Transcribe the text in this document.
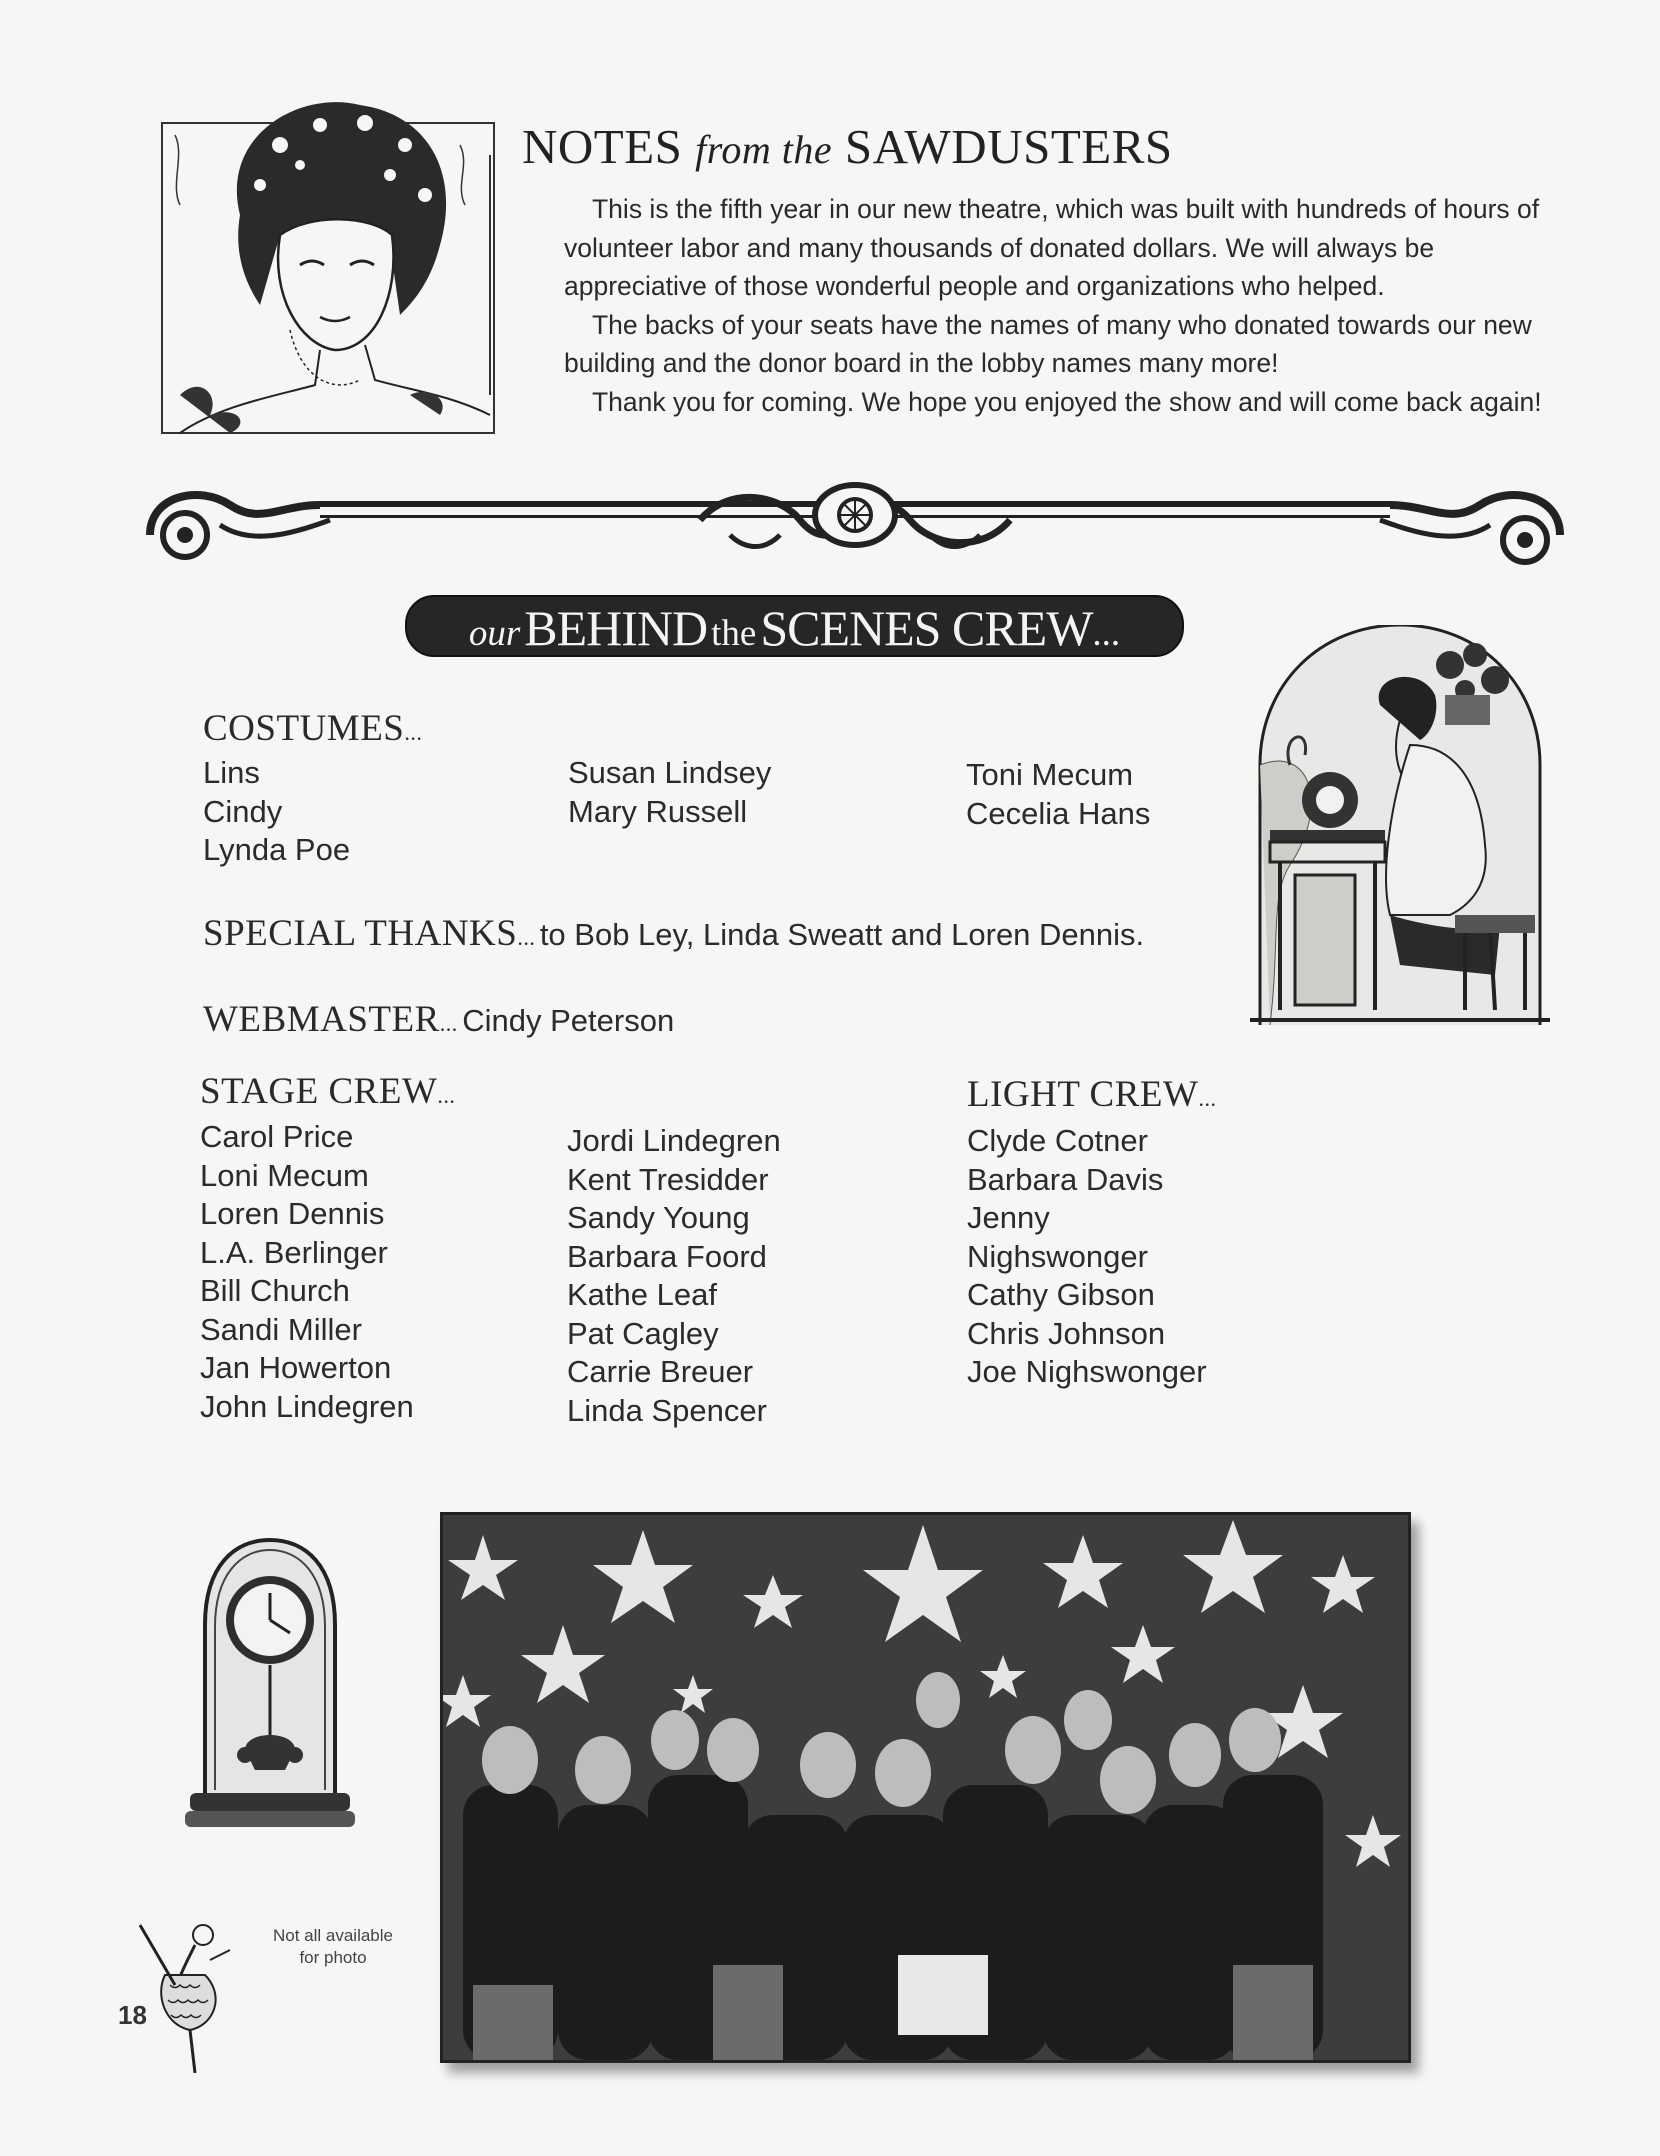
NOTES from the SAWDUSTERS

This is the fifth year in our new theatre, which was built with hundreds of hours of volunteer labor and many thousands of donated dollars. We will always be appreciative of those wonderful people and organizations who helped.

The backs of your seats have the names of many who donated towards our new building and the donor board in the lobby names many more!

Thank you for coming. We hope you enjoyed the show and will come back again!

our BEHIND the SCENES CREW...
COSTUMES...
Lins
Cindy
Lynda Poe
Susan Lindsey
Mary Russell
Toni Mecum
Cecelia Hans
SPECIAL THANKS... to Bob Ley, Linda Sweatt and Loren Dennis.
WEBMASTER... Cindy Peterson
STAGE CREW...
Carol Price
Loni Mecum
Loren Dennis
L.A. Berlinger
Bill Church
Sandi Miller
Jan Howerton
John Lindegren
Jordi Lindegren
Kent Tresidder
Sandy Young
Barbara Foord
Kathe Leaf
Pat Cagley
Carrie Breuer
Linda Spencer
LIGHT CREW...
Clyde Cotner
Barbara Davis
Jenny
Nighswonger
Cathy Gibson
Chris Johnson
Joe Nighswonger
Not all available
for photo
18
